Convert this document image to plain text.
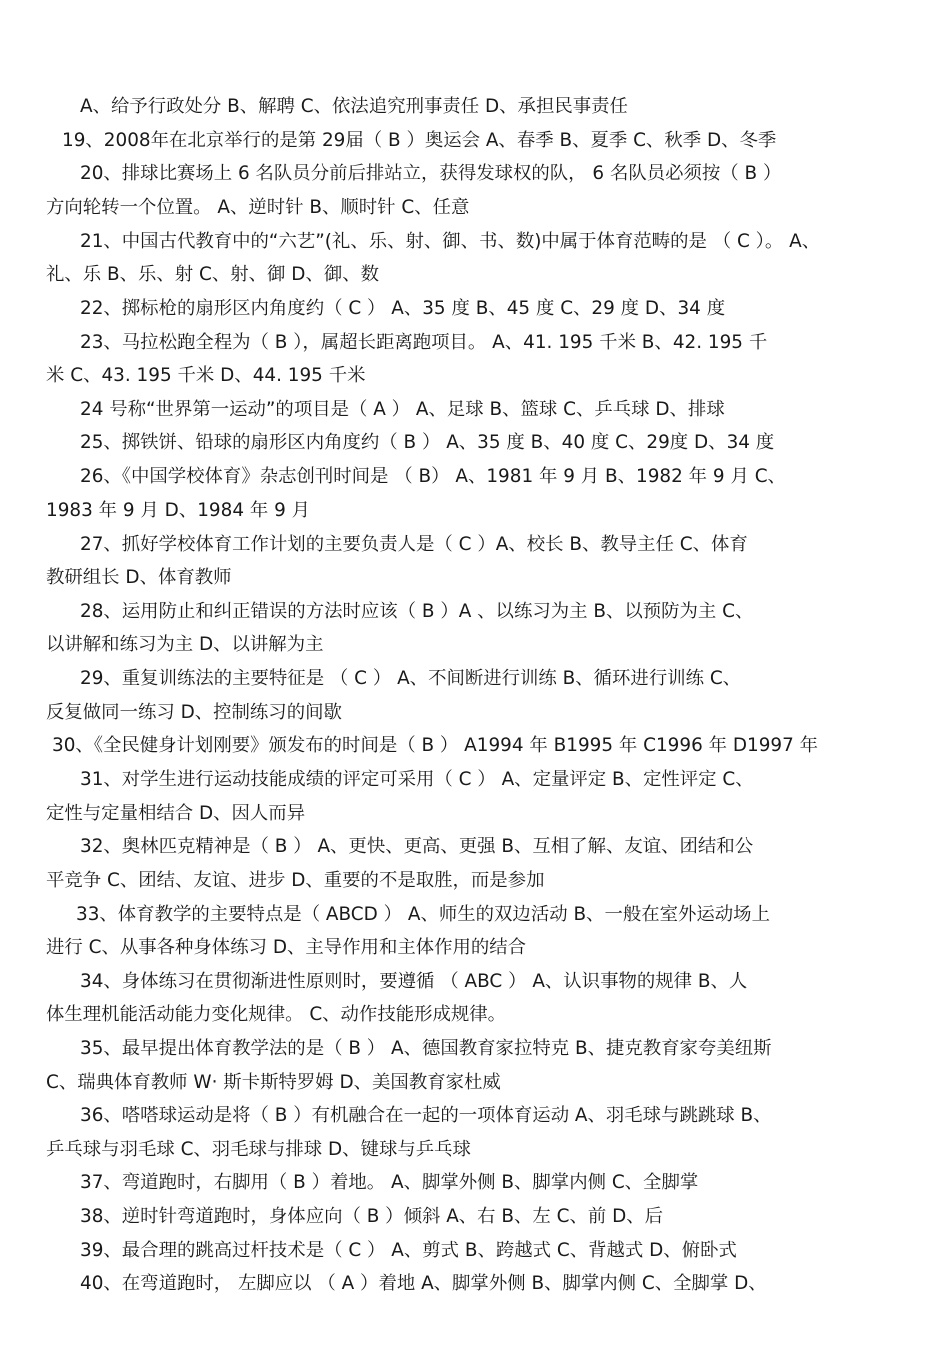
A、给予行政处分 B、解聘 C、依法追究刑事责任 D、承担民事责任
19、2008年在北京举行的是第 29届（ B ）奥运会 A、春季 B、夏季 C、秋季 D、冬季
20、排球比赛场上 6 名队员分前后排站立，获得发球权的队， 6 名队员必须按（ B ）
方向轮转一个位置。 A、逆时针 B、顺时针 C、任意
21、中国古代教育中的“六艺”(礼、乐、射、御、书、数)中属于体育范畴的是 （ C ）。 A、
礼、乐 B、乐、射 C、射、御 D、御、数
22、掷标枪的扇形区内角度约（ C ） A、35 度 B、45 度 C、29 度 D、34 度
23、马拉松跑全程为（ B ），属超长距离跑项目。 A、41. 195 千米 B、42. 195 千
米 C、43. 195 千米 D、44. 195 千米
24 号称“世界第一运动”的项目是（ A ） A、足球 B、篮球 C、乒乓球 D、排球
25、掷铁饼、铅球的扇形区内角度约（ B ） A、35 度 B、40 度 C、29度 D、34 度
26、《中国学校体育》杂志创刊时间是 （ B） A、1981 年 9 月 B、1982 年 9 月 C、
1983 年 9 月 D、1984 年 9 月
27、抓好学校体育工作计划的主要负责人是（ C ）A、校长 B、教导主任 C、体育
教研组长 D、体育教师
28、运用防止和纠正错误的方法时应该（ B ）A 、以练习为主 B、以预防为主 C、
以讲解和练习为主 D、以讲解为主
29、重复训练法的主要特征是 （ C ） A、不间断进行训练 B、循环进行训练 C、
反复做同一练习 D、控制练习的间歇
30、《全民健身计划刚要》颁发布的时间是（ B ） A1994 年 B1995 年 C1996 年 D1997 年
31、对学生进行运动技能成绩的评定可采用（ C ） A、定量评定 B、定性评定 C、
定性与定量相结合 D、因人而异
32、奥林匹克精神是（ B ） A、更快、更高、更强 B、互相了解、友谊、团结和公
平竞争 C、团结、友谊、进步 D、重要的不是取胜，而是参加
33、体育教学的主要特点是（ ABCD ） A、师生的双边活动 B、一般在室外运动场上
进行 C、从事各种身体练习 D、主导作用和主体作用的结合
34、身体练习在贯彻渐进性原则时，要遵循 （ ABC ） A、认识事物的规律 B、人
体生理机能活动能力变化规律。 C、动作技能形成规律。
35、最早提出体育教学法的是（ B ） A、德国教育家拉特克 B、捷克教育家夸美纽斯
C、瑞典体育教师 W· 斯卡斯特罗姆 D、美国教育家杜威
36、嗒嗒球运动是将（ B ）有机融合在一起的一项体育运动 A、羽毛球与跳跳球 B、
乒乓球与羽毛球 C、羽毛球与排球 D、键球与乒乓球
37、弯道跑时，右脚用（ B ）着地。 A、脚掌外侧 B、脚掌内侧 C、全脚掌
38、逆时针弯道跑时，身体应向（ B ）倾斜 A、右 B、左 C、前 D、后
39、最合理的跳高过杆技术是（ C ） A、剪式 B、跨越式 C、背越式 D、俯卧式
40、在弯道跑时， 左脚应以 （ A ）着地 A、脚掌外侧 B、脚掌内侧 C、全脚掌 D、
